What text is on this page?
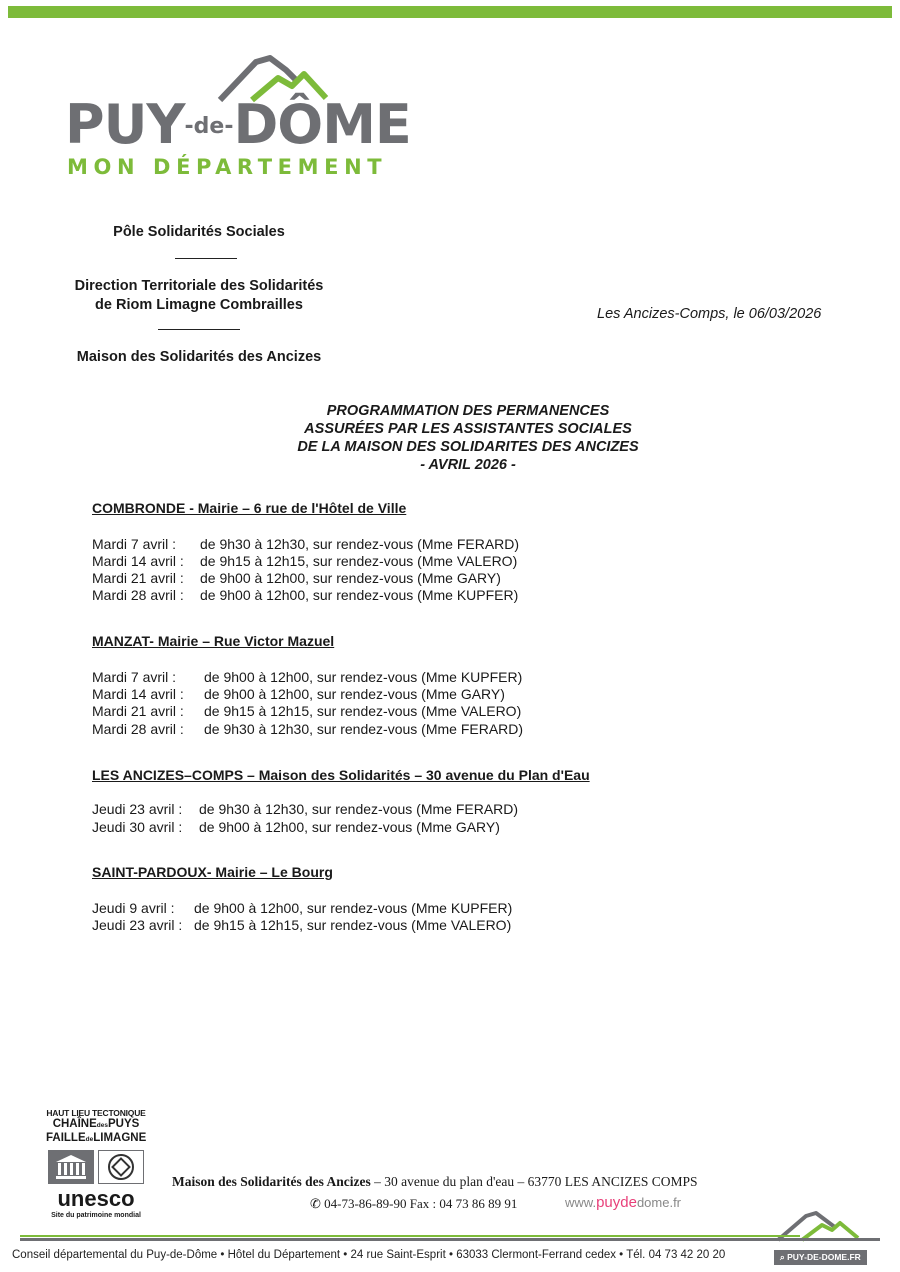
PUY-de-DÔME
MON DÉPARTEMENT
Pôle Solidarités Sociales
Direction Territoriale des Solidarités
de Riom Limagne Combrailles
Maison des Solidarités des Ancizes
Les Ancizes-Comps, le 06/03/2026
PROGRAMMATION DES PERMANENCES
ASSURÉES PAR LES ASSISTANTES SOCIALES
DE LA MAISON DES SOLIDARITES DES ANCIZES
- AVRIL 2026 -
COMBRONDE - Mairie – 6 rue de l'Hôtel de Ville
Mardi 7 avril : de 9h30 à 12h30, sur rendez-vous (Mme FERARD)
Mardi 14 avril : de 9h15 à 12h15, sur rendez-vous (Mme VALERO)
Mardi 21 avril : de 9h00 à 12h00, sur rendez-vous (Mme GARY)
Mardi 28 avril : de 9h00 à 12h00, sur rendez-vous (Mme KUPFER)
MANZAT- Mairie – Rue Victor Mazuel
Mardi 7 avril : de 9h00 à 12h00, sur rendez-vous (Mme KUPFER)
Mardi 14 avril : de 9h00 à 12h00, sur rendez-vous (Mme GARY)
Mardi 21 avril : de 9h15 à 12h15, sur rendez-vous (Mme VALERO)
Mardi 28 avril : de 9h30 à 12h30, sur rendez-vous (Mme FERARD)
LES ANCIZES–COMPS – Maison des Solidarités – 30 avenue du Plan d'Eau
Jeudi 23 avril : de 9h30 à 12h30, sur rendez-vous (Mme FERARD)
Jeudi 30 avril : de 9h00 à 12h00, sur rendez-vous (Mme GARY)
SAINT-PARDOUX- Mairie – Le Bourg
Jeudi 9 avril : de 9h00 à 12h00, sur rendez-vous (Mme KUPFER)
Jeudi 23 avril : de 9h15 à 12h15, sur rendez-vous (Mme VALERO)
HAUT LIEU TECTONIQUE
CHAÎNEdesPUYS
FAILLEdeLIMAGNE
unesco
Site du patrimoine mondial
Maison des Solidarités des Ancizes – 30 avenue du plan d'eau – 63770 LES ANCIZES COMPS
✆ 04-73-86-89-90 Fax : 04 73 86 89 91	www.puydedome.fr
Conseil départemental du Puy-de-Dôme • Hôtel du Département • 24 rue Saint-Esprit • 63033 Clermont-Ferrand cedex • Tél. 04 73 42 20 20	⌕ PUY-DE-DOME.FR
